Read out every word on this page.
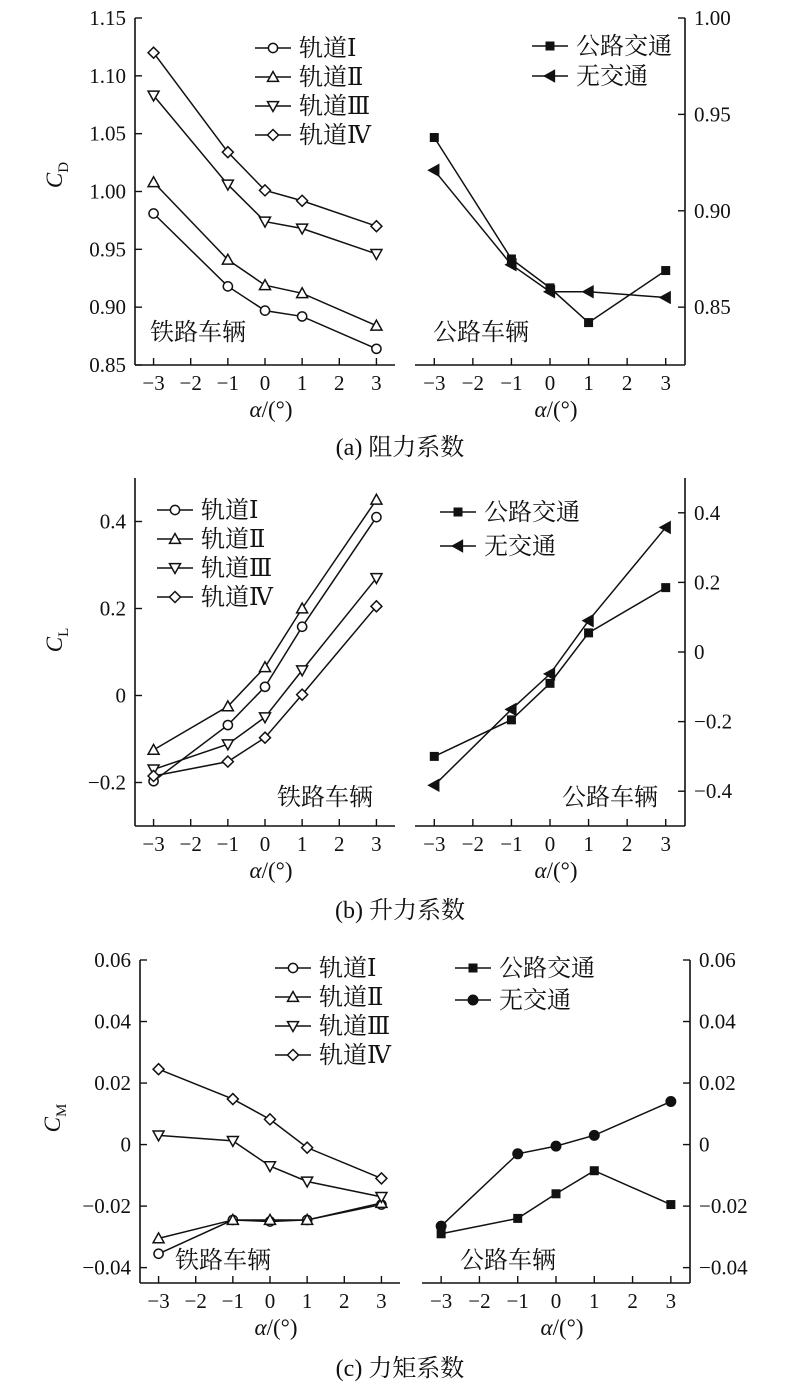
(a) 阻力系数
(b) 升力系数
(c) 力矩系数
−3 −2 −1 0 1 2 3
0.85
0.90
0.95
1.00
1.05
1.10
1.15
α/(°)
铁路车辆
轨道Ⅰ
轨道Ⅱ
轨道Ⅲ
轨道Ⅳ
−3 −2 −1 0 1 2 3
0.85
0.90
0.95
1.00
α/(°)
公路车辆
公路交通
无交通
$C_D$
−3 −2 −1 0 1 2 3
−0.2
0
0.2
0.4
α/(°)
铁路车辆
轨道Ⅰ
轨道Ⅱ
轨道Ⅲ
轨道Ⅳ
−3 −2 −1 0 1 2 3
−0.4
−0.2
0
0.2
0.4
α/(°)
公路车辆
公路交通
无交通
$C_L$
−3 −2 −1 0 1 2 3
−0.04
−0.02
0
0.02
0.04
0.06
α/(°)
铁路车辆
轨道Ⅰ
轨道Ⅱ
轨道Ⅲ
轨道Ⅳ
−3 −2 −1 0 1 2 3
−0.04
−0.02
0
0.02
0.04
0.06
α/(°)
公路车辆
公路交通
无交通
$C_M$
